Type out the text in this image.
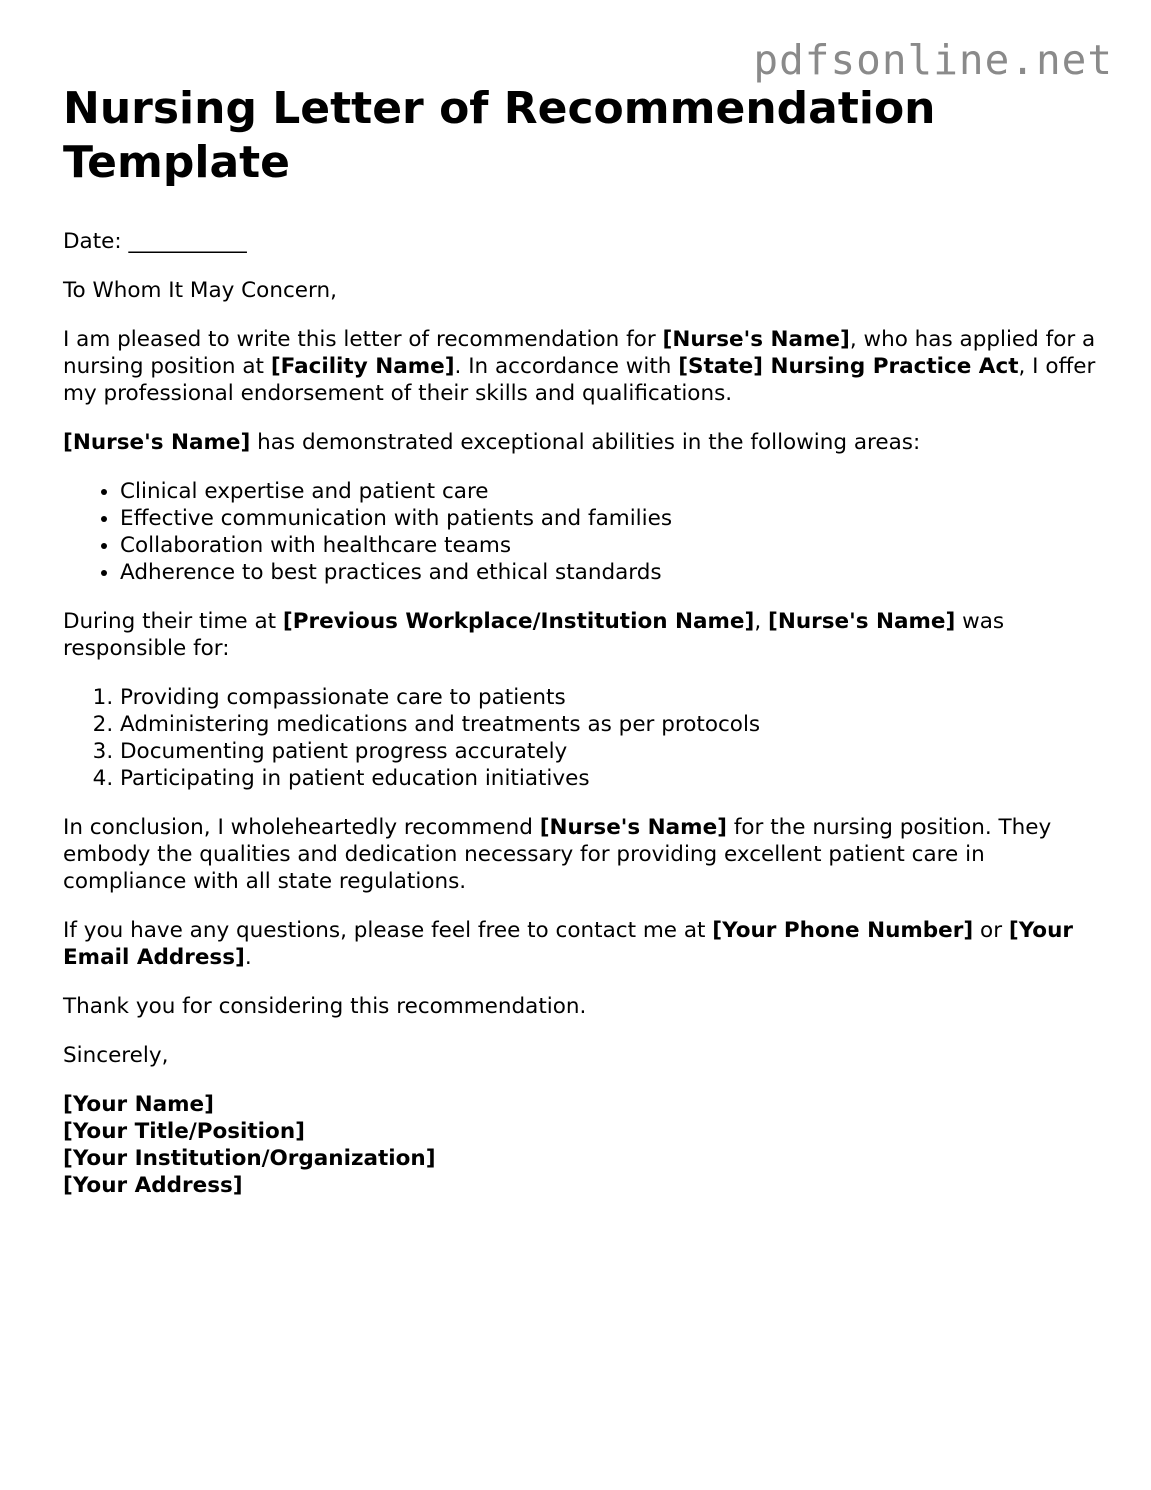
pdfsonline.net
Nursing Letter of Recommendation Template

Date: ___________

To Whom It May Concern,

I am pleased to write this letter of recommendation for [Nurse's Name], who has applied for a nursing position at [Facility Name]. In accordance with [State] Nursing Practice Act, I offer my professional endorsement of their skills and qualifications.

[Nurse's Name] has demonstrated exceptional abilities in the following areas:

• Clinical expertise and patient care
• Effective communication with patients and families
• Collaboration with healthcare teams
• Adherence to best practices and ethical standards

During their time at [Previous Workplace/Institution Name], [Nurse's Name] was responsible for:

1. Providing compassionate care to patients
2. Administering medications and treatments as per protocols
3. Documenting patient progress accurately
4. Participating in patient education initiatives

In conclusion, I wholeheartedly recommend [Nurse's Name] for the nursing position. They embody the qualities and dedication necessary for providing excellent patient care in compliance with all state regulations.

If you have any questions, please feel free to contact me at [Your Phone Number] or [Your Email Address].

Thank you for considering this recommendation.

Sincerely,

[Your Name]

[Your Title/Position]

[Your Institution/Organization]

[Your Address]
